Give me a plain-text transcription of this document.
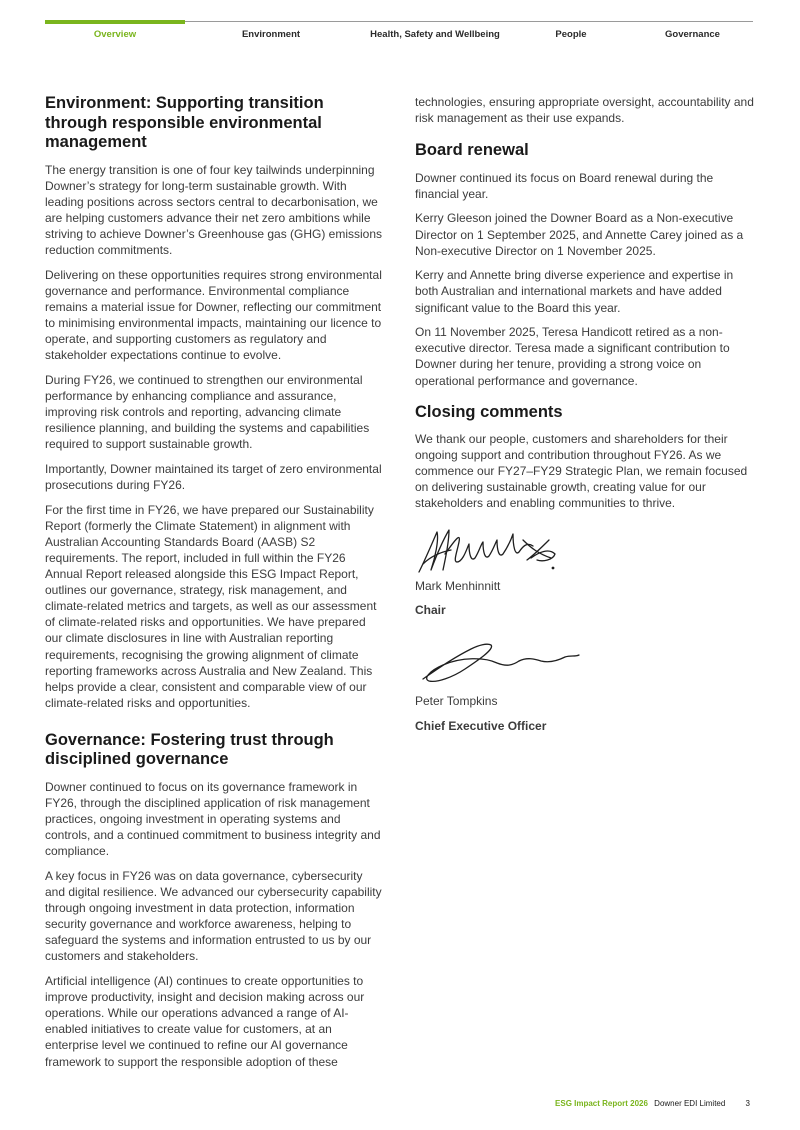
Overview	Environment	Health, Safety and Wellbeing	People	Governance
Environment: Supporting transition through responsible environmental management

The energy transition is one of four key tailwinds underpinning Downer’s strategy for long-term sustainable growth. With leading positions across sectors central to decarbonisation, we are helping customers advance their net zero ambitions while striving to achieve Downer’s Greenhouse gas (GHG) emissions reduction commitments.

Delivering on these opportunities requires strong environmental governance and performance. Environmental compliance remains a material issue for Downer, reflecting our commitment to minimising environmental impacts, maintaining our licence to operate, and supporting customers as regulatory and stakeholder expectations continue to evolve.

During FY26, we continued to strengthen our environmental performance by enhancing compliance and assurance, improving risk controls and reporting, advancing climate resilience planning, and building the systems and capabilities required to support sustainable growth.

Importantly, Downer maintained its target of zero environmental prosecutions during FY26.

For the first time in FY26, we have prepared our Sustainability Report (formerly the Climate Statement) in alignment with Australian Accounting Standards Board (AASB) S2 requirements. The report, included in full within the FY26 Annual Report released alongside this ESG Impact Report, outlines our governance, strategy, risk management, and climate-related metrics and targets, as well as our assessment of climate-related risks and opportunities. We have prepared our climate disclosures in line with Australian reporting requirements, recognising the growing alignment of climate reporting frameworks across Australia and New Zealand. This helps provide a clear, consistent and comparable view of our climate-related risks and opportunities.

Governance: Fostering trust through disciplined governance

Downer continued to focus on its governance framework in FY26, through the disciplined application of risk management practices, ongoing investment in operating systems and controls, and a continued commitment to business integrity and compliance.

A key focus in FY26 was on data governance, cybersecurity and digital resilience. We advanced our cybersecurity capability through ongoing investment in data protection, information security governance and workforce awareness, helping to safeguard the systems and information entrusted to us by our customers and stakeholders.

Artificial intelligence (AI) continues to create opportunities to improve productivity, insight and decision making across our operations. While our operations advanced a range of AI-enabled initiatives to create value for customers, at an enterprise level we continued to refine our AI governance framework to support the responsible adoption of these

technologies, ensuring appropriate oversight, accountability and risk management as their use expands.

Board renewal

Downer continued its focus on Board renewal during the financial year.

Kerry Gleeson joined the Downer Board as a Non-executive Director on 1 September 2025, and Annette Carey joined as a Non-executive Director on 1 November 2025.

Kerry and Annette bring diverse experience and expertise in both Australian and international markets and have added significant value to the Board this year.

On 11 November 2025, Teresa Handicott retired as a non-executive director. Teresa made a significant contribution to Downer during her tenure, providing a strong voice on operational performance and governance.

Closing comments

We thank our people, customers and shareholders for their ongoing support and contribution throughout FY26. As we commence our FY27–FY29 Strategic Plan, we remain focused on delivering sustainable growth, creating value for our stakeholders and enabling communities to thrive.

Mark Menhinnitt

Chair

Peter Tompkins

Chief Executive Officer

ESG Impact Report 2026 Downer EDI Limited	3
